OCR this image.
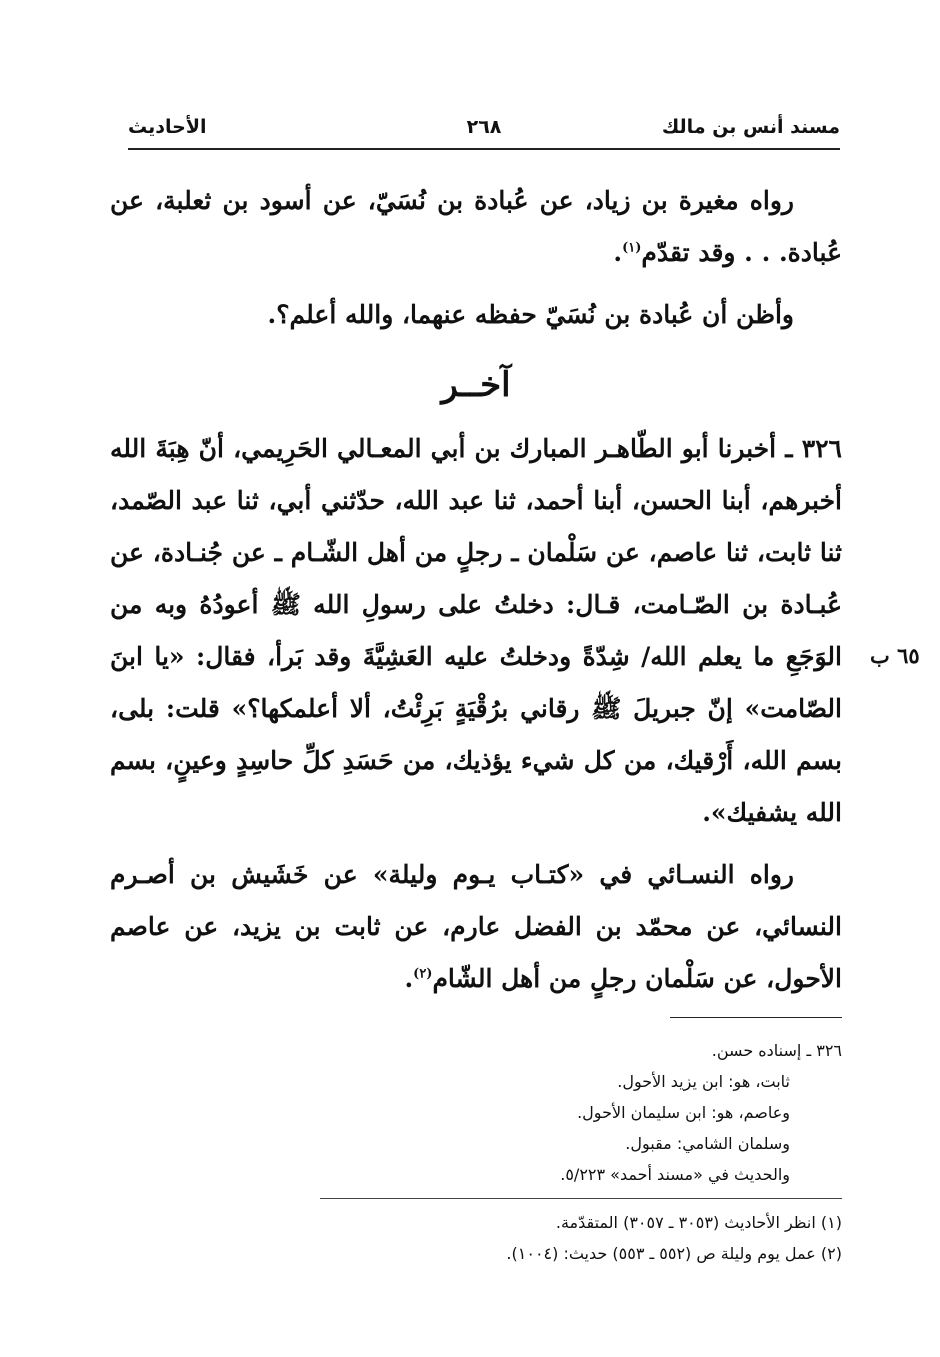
مسند أنس بن مالك
٢٦٨
الأحاديث

رواه مغيرة بن زياد، عن عُبادة بن نُسَيّ، عن أسود بن ثعلبة، عن عُبادة. . . وقد تقدّم$^{(١)}$.

وأظن أن عُبادة بن نُسَيّ حفظه عنهما، والله أعلم؟.

آخــر

٣٢٦ ـ أخبرنا أبو الطّاهـر المبارك بن أبي المعـالي الحَرِيمي، أنّ هِبَةَ الله أخبرهم، أبنا الحسن، أبنا أحمد، ثنا عبد الله، حدّثني أبي، ثنا عبد الصّمد، ثنا ثابت، ثنا عاصم، عن سَلْمان ـ رجلٍ من أهل الشّـام ـ عن جُنـادة، عن عُبـادة بن الصّـامت، قـال: دخلتُ على رسولِ الله ﷺ أعودُهُ وبه من الوَجَعِ ما يعلم الله/ شِدّةً ودخلتُ عليه العَشِيَّةَ وقد بَرأ، فقال: «يا ابنَ الصّامت» إنّ جبريلَ ﷺ رقاني برُقْيَةٍ بَرِئْتُ، ألا أعلمكها؟» قلت: بلى، بسم الله، أَرْقيك، من كل شيء يؤذيك، من حَسَدِ كلِّ حاسِدٍ وعينٍ، بسم الله يشفيك».

رواه النسـائي في «كتـاب يـوم وليلة» عن خَشَيش بن أصـرم النسائي، عن محمّد بن الفضل عارم، عن ثابت بن يزيد، عن عاصم الأحول، عن سَلْمان رجلٍ من أهل الشّام$^{(٢)}$.

٦٥ ب
٣٢٦ ـ إسناده حسن.
ثابت، هو: ابن يزيد الأحول.
وعاصم، هو: ابن سليمان الأحول.
وسلمان الشامي: مقبول.
والحديث في «مسند أحمد» ٥/٢٢٣.
(١) انظر الأحاديث (٣٠٥٣ ـ ٣٠٥٧) المتقدّمة.
(٢) عمل يوم وليلة ص (٥٥٢ ـ ٥٥٣) حديث: (١٠٠٤).
